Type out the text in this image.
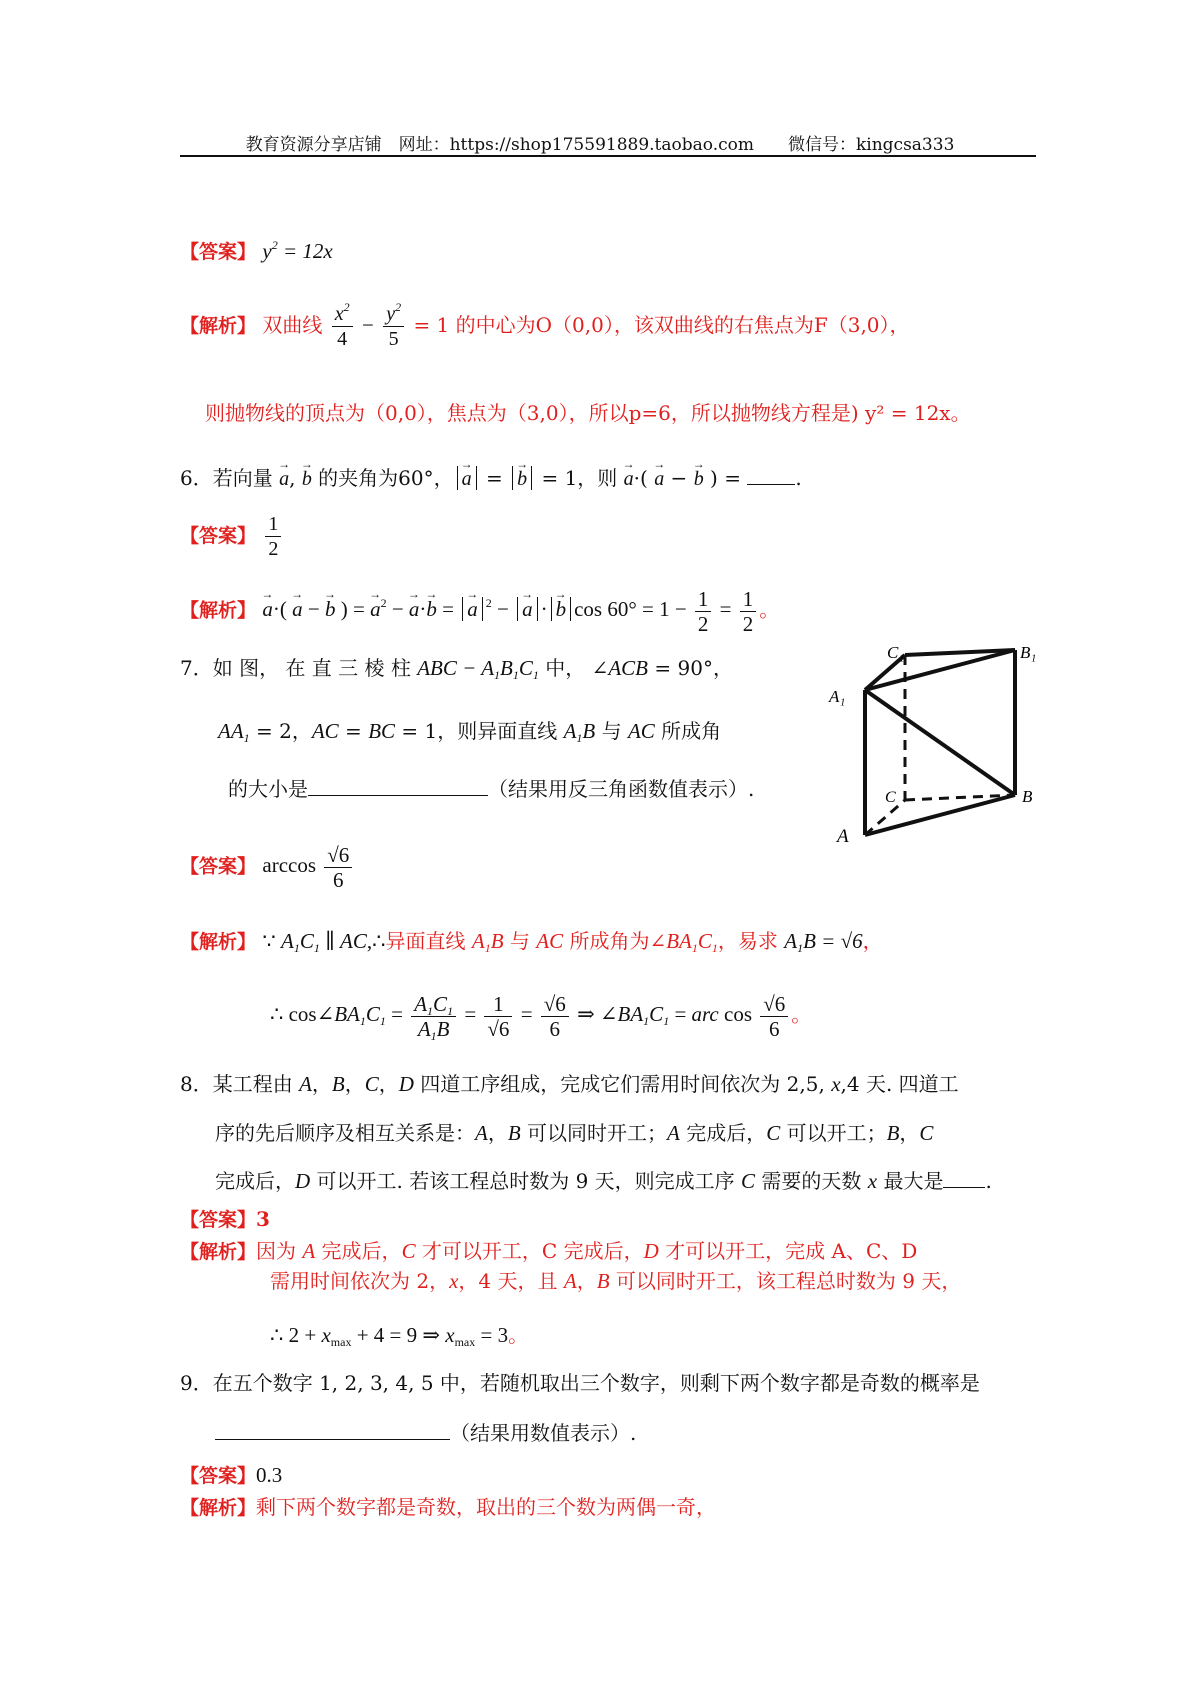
教育资源分享店铺　网址：https://shop175591889.taobao.com　　微信号：kingcsa333
【答案】 $y^2 = 12x$
【解析】 双曲线 $\frac{x^2}{4} - \frac{y^2}{5} = 1$ 的中心为O（0,0），该双曲线的右焦点为F（3,0），
则抛物线的顶点为（0,0），焦点为（3,0），所以p=6，所以抛物线方程是) y² = 12x。
6．若向量 → a, → b 的夹角为60°， → a = → b = 1，则 → a·( → a − → b ) = .
【答案】 $\frac{1}{2}$
【解析】 → a·( → a − → b ) = → $a^2$ − → a·→ b = → a $^2$ − → a · → b $\cos 60^\circ = 1 - \frac{1}{2} = \frac{1}{2}$ 。
7．如 图， 在 直 三 棱 柱 ABC − $A_1B_1C_1$ 中， ∠ACB = 90°，
$AA_1 = 2$，AC = BC = 1，则异面直线 $A_1B$ 与 AC 所成角
的大小是	（结果用反三角函数值表示）.
C₁	B₁
A₁
C	B
A
【答案】 $\arccos \frac{√6}{6}$
【解析】 ∵ $A_1C_1$ ∥ AC,∴异面直线 $A_1B$ 与 AC 所成角为$\angle BA_1C_1$，易求 $A_1B = √6$，
∴ $\cos\angle BA_1C_1 = \frac{A_1C_1}{A_1B} = \frac{1}{√6} = \frac{√6}{6}$ ⇒ $\angle BA_1C_1$ = arc $\cos \frac{√6}{6}$ 。
8．某工程由 A，B，C，D 四道工序组成，完成它们需用时间依次为 2,5, x,4 天. 四道工
序的先后顺序及相互关系是：A，B 可以同时开工；A 完成后，C 可以开工；B，C
完成后，D 可以开工. 若该工程总时数为 9 天，则完成工序 C 需要的天数 x 最大是 .
【答案】3
【解析】因为 A 完成后，C 才可以开工，C 完成后，D 才可以开工，完成 A、C、D
需用时间依次为 2，x，4 天，且 A，B 可以同时开工，该工程总时数为 9 天，
∴ $2 + x_{max} + 4 = 9$ ⇒ $x_{max} = 3$。
9．在五个数字 1, 2, 3, 4, 5 中，若随机取出三个数字，则剩下两个数字都是奇数的概率是
（结果用数值表示）.
【答案】0.3
【解析】剩下两个数字都是奇数，取出的三个数为两偶一奇，
